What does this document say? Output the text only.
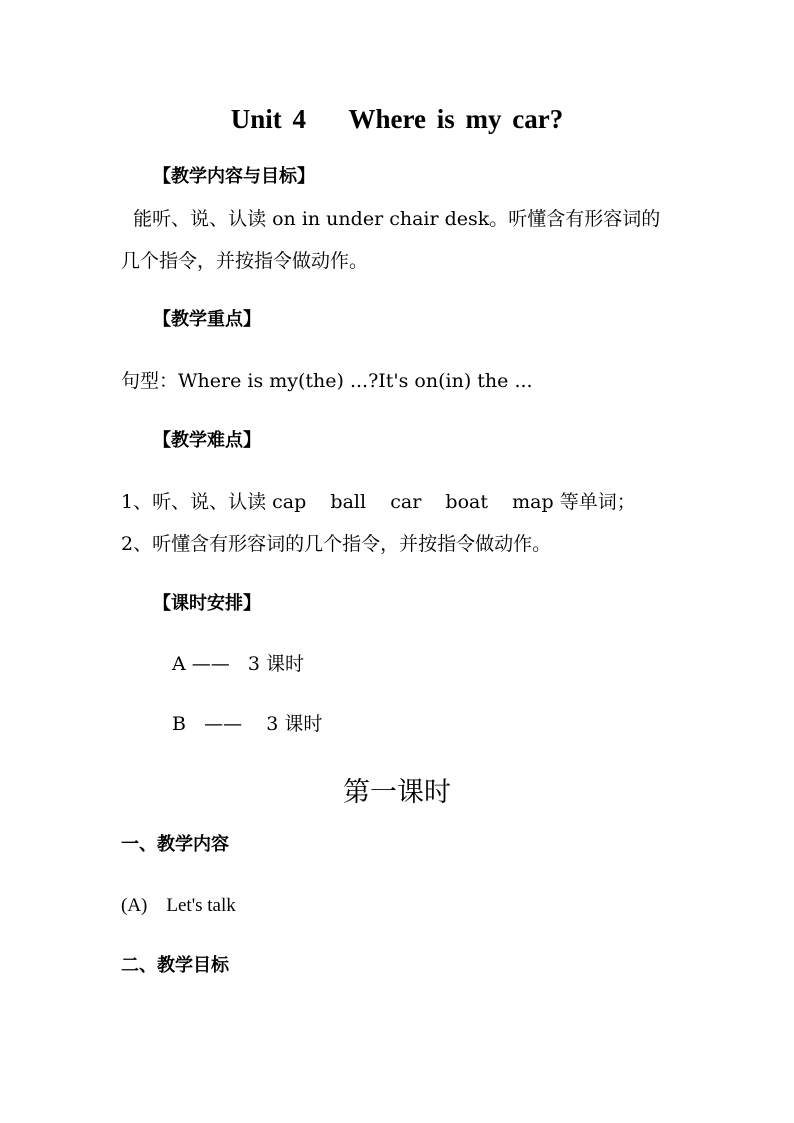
Unit 4    Where is my car?
【教学内容与目标】
能听、说、认读 on in under chair desk。听懂含有形容词的
几个指令，并按指令做动作。
【教学重点】
句型：Where is my(the) ...?It's on(in) the ...
【教学难点】
1、听、说、认读 cap    ball    car    boat    map 等单词；
2、听懂含有形容词的几个指令，并按指令做动作。
【课时安排】
A ——   3 课时
B   ——    3 课时
第一课时
一、教学内容
(A)    Let's talk
二、教学目标
